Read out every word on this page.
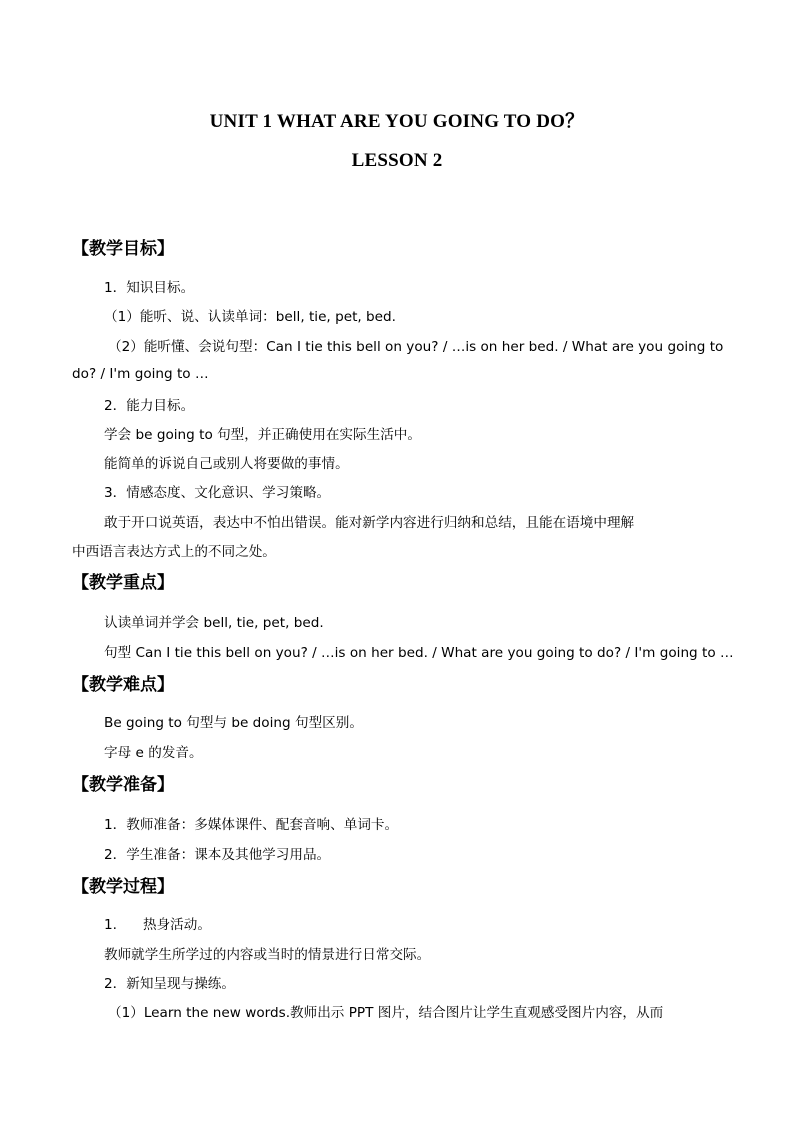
UNIT 1 WHAT ARE YOU GOING TO DO？
LESSON 2
【教学目标】
1．知识目标。
（1）能听、说、认读单词：bell, tie, pet, bed.
（2）能听懂、会说句型：Can I tie this bell on you? / …is on her bed. / What are you going to
do? / I'm going to …
2．能力目标。
学会 be going to 句型，并正确使用在实际生活中。
能简单的诉说自己或别人将要做的事情。
3．情感态度、文化意识、学习策略。
敢于开口说英语，表达中不怕出错误。能对新学内容进行归纳和总结，且能在语境中理解
中西语言表达方式上的不同之处。
【教学重点】
认读单词并学会 bell, tie, pet, bed.
句型 Can I tie this bell on you? / …is on her bed. / What are you going to do? / I'm going to …
【教学难点】
Be going to 句型与 be doing 句型区别。
字母 e 的发音。
【教学准备】
1．教师准备：多媒体课件、配套音响、单词卡。
2．学生准备：课本及其他学习用品。
【教学过程】
1. 热身活动。
教师就学生所学过的内容或当时的情景进行日常交际。
2．新知呈现与操练。
（1）Learn the new words.教师出示 PPT 图片，结合图片让学生直观感受图片内容，从而
